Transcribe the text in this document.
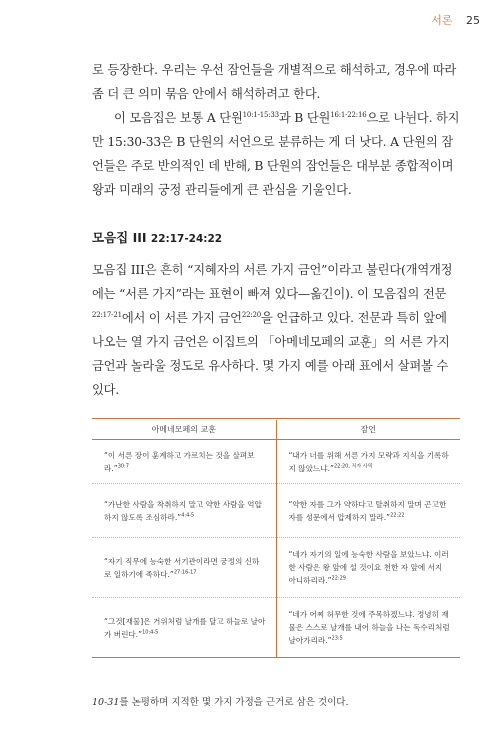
서론 25

로 등장한다. 우리는 우선 잠언들을 개별적으로 해석하고, 경우에 따라

좀 더 큰 의미 묶음 안에서 해석하려고 한다.

이 모음집은 보통 A 단원$^{10:1-15:33}$과 B 단원$^{16:1-22:16}$으로 나뉜다. 하지만 15:30-33은 B 단원의 서언으로 분류하는 게 더 낫다. A 단원의 잠언들은 주로 반의적인 데 반해, B 단원의 잠언들은 대부분 종합적이며 왕과 미래의 궁정 관리들에게 큰 관심을 기울인다.

모음집 III 22:17-24:22

모음집 III은 흔히 “지혜자의 서른 가지 금언”이라고 불린다(개역개정에는 “서른 가지”라는 표현이 빠져 있다—옮긴이). 이 모음집의 전문$^{22:17-21}$에서 이 서른 가지 금언$^{22:20}$을 언급하고 있다. 전문과 특히 앞에 나오는 열 가지 금언은 이집트의 「아메네모페의 교훈」의 서른 가지 금언과 놀라울 정도로 유사하다. 몇 가지 예를 아래 표에서 살펴볼 수 있다.

아메네모페의 교훈	잠언
“이 서른 장이 훈계하고 가르치는 것을 살펴보라.”$^{30:7}$	“내가 너를 위해 서른 가지 모략과 지식을 기록하지 않았느냐.”$^{22:20, 저자 사역}$
“가난한 사람을 착취하지 말고 약한 사람을 억압하지 않도록 조심하라.”$^{4:4-5}$	“약한 자를 그가 약하다고 탈취하지 말며 곤고한 자를 성문에서 압제하지 말라.”$^{22:22}$
“자기 직무에 능숙한 서기관이라면 궁정의 신하로 일하기에 족하다.”$^{27:16-17}$	“네가 자기의 일에 능숙한 사람을 보았느냐. 이러한 사람은 왕 앞에 설 것이요 천한 자 앞에 서지 아니하리라.”$^{22:29}$
“그것[재물]은 거위처럼 날개를 달고 하늘로 날아가 버린다.”$^{10:4-5}$	“네가 어찌 허무한 것에 주목하겠느냐. 정녕히 재물은 스스로 날개를 내어 하늘을 나는 독수리처럼 날아가리라.”$^{23:5}$
10-31를 논평하며 지적한 몇 가지 가정을 근거로 삼은 것이다.
